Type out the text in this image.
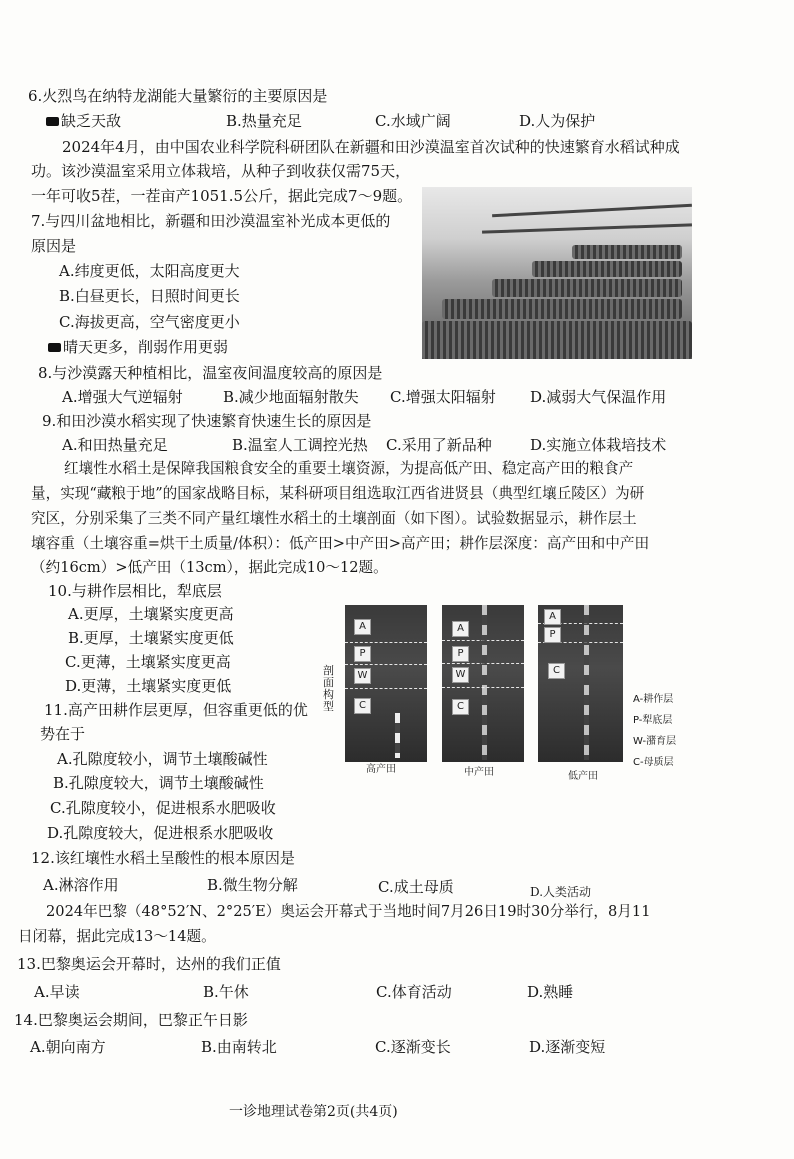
6.火烈鸟在纳特龙湖能大量繁衍的主要原因是
缺乏天敌	B.热量充足	C.水域广阔	D.人为保护
2024年4月，由中国农业科学院科研团队在新疆和田沙漠温室首次试种的快速繁育水稻试种成
功。该沙漠温室采用立体栽培，从种子到收获仅需75天，
一年可收5茬，一茬亩产1051.5公斤，据此完成7～9题。
7.与四川盆地相比，新疆和田沙漠温室补光成本更低的
原因是
A.纬度更低，太阳高度更大
B.白昼更长，日照时间更长
C.海拔更高，空气密度更小
晴天更多，削弱作用更弱
8.与沙漠露天种植相比，温室夜间温度较高的原因是
A.增强大气逆辐射	B.减少地面辐射散失 C.增强太阳辐射 D.减弱大气保温作用
9.和田沙漠水稻实现了快速繁育快速生长的原因是
A.和田热量充足	B.温室人工调控光热 C.采用了新品种	D.实施立体栽培技术
红壤性水稻土是保障我国粮食安全的重要土壤资源，为提高低产田、稳定高产田的粮食产
量，实现“藏粮于地”的国家战略目标，某科研项目组选取江西省进贤县（典型红壤丘陵区）为研
究区，分别采集了三类不同产量红壤性水稻土的土壤剖面（如下图）。试验数据显示，耕作层土
壤容重（土壤容重=烘干土质量/体积）：低产田>中产田>高产田；耕作层深度：高产田和中产田
（约16cm）>低产田（13cm），据此完成10～12题。
10.与耕作层相比，犁底层
A.更厚，土壤紧实度更高
B.更厚，土壤紧实度更低
C.更薄，土壤紧实度更高
D.更薄，土壤紧实度更低
11.高产田耕作层更厚，但容重更低的优
势在于
A.孔隙度较小，调节土壤酸碱性
B.孔隙度较大，调节土壤酸碱性
C.孔隙度较小，促进根系水肥吸收
D.孔隙度较大，促进根系水肥吸收
剖面构型
A
P
W
C
A
P
W
C
A
P
C
高产田	中产田	低产田
A-耕作层
P-犁底层
W-潴育层
C-母质层
12.该红壤性水稻土呈酸性的根本原因是
A.淋溶作用	B.微生物分解	C.成土母质	D.人类活动
2024年巴黎（48°52′N、2°25′E）奥运会开幕式于当地时间7月26日19时30分举行，8月11
日闭幕，据此完成13～14题。
13.巴黎奥运会开幕时，达州的我们正值
A.早读	B.午休	C.体育活动	D.熟睡
14.巴黎奥运会期间，巴黎正午日影
A.朝向南方	B.由南转北	C.逐渐变长	D.逐渐变短
一诊地理试卷第2页(共4页)
